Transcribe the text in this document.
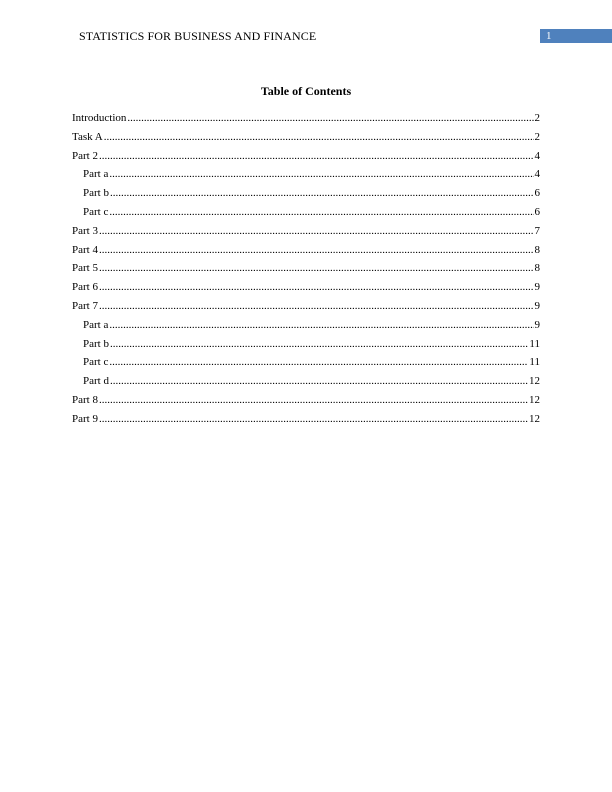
STATISTICS FOR BUSINESS AND FINANCE	1
Table of Contents
Introduction .....	2
Task A .....	2
Part 2 .....	4
Part a .....	4
Part b .....	6
Part c .....	6
Part 3 .....	7
Part 4 .....	8
Part 5 .....	8
Part 6 .....	9
Part 7 .....	9
Part a .....	9
Part b .....	11
Part c .....	11
Part d .....	12
Part 8 .....	12
Part 9 .....	12
